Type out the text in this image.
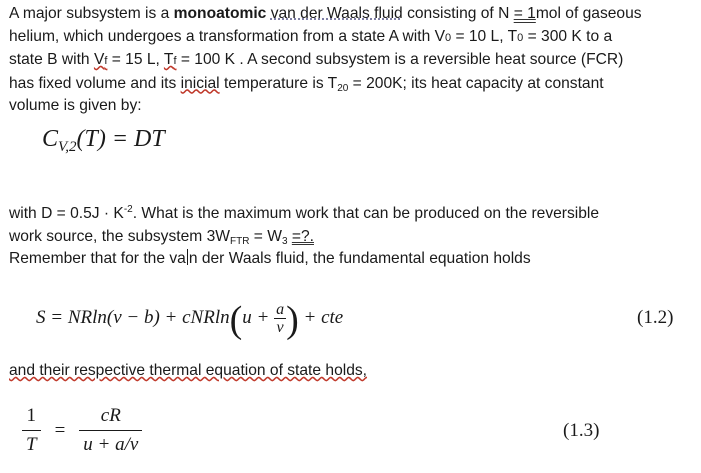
A major subsystem is a monoatomic van der Waals fluid consisting of N = 1mol of gaseous
helium, which undergoes a transformation from a state A with V0 = 10 L, T0 = 300 K to a
state B with Vf = 15 L, Tf = 100 K . A second subsystem is a reversible heat source (FCR)
has fixed volume and its inicial temperature is $T_{20} = 200K$; its heat capacity at constant
volume is given by:
$C_{V,2}(T)$ = DT
with $D = 0.5J \cdot K^{-2}$. What is the maximum work that can be produced on the reversible
work source, the subsystem $3W_{FTR} = W_3$ =?.
Remember that for the va n der Waals fluid, the fundamental equation holds
$S = NRln(v - b) + cNRln(u + \frac{a}{v}$ ) + cte	(1.2)
and their respective thermal equation of state holds,
$\frac{1}{T} = \frac{cR}{u + a/v}$	(1.3)
